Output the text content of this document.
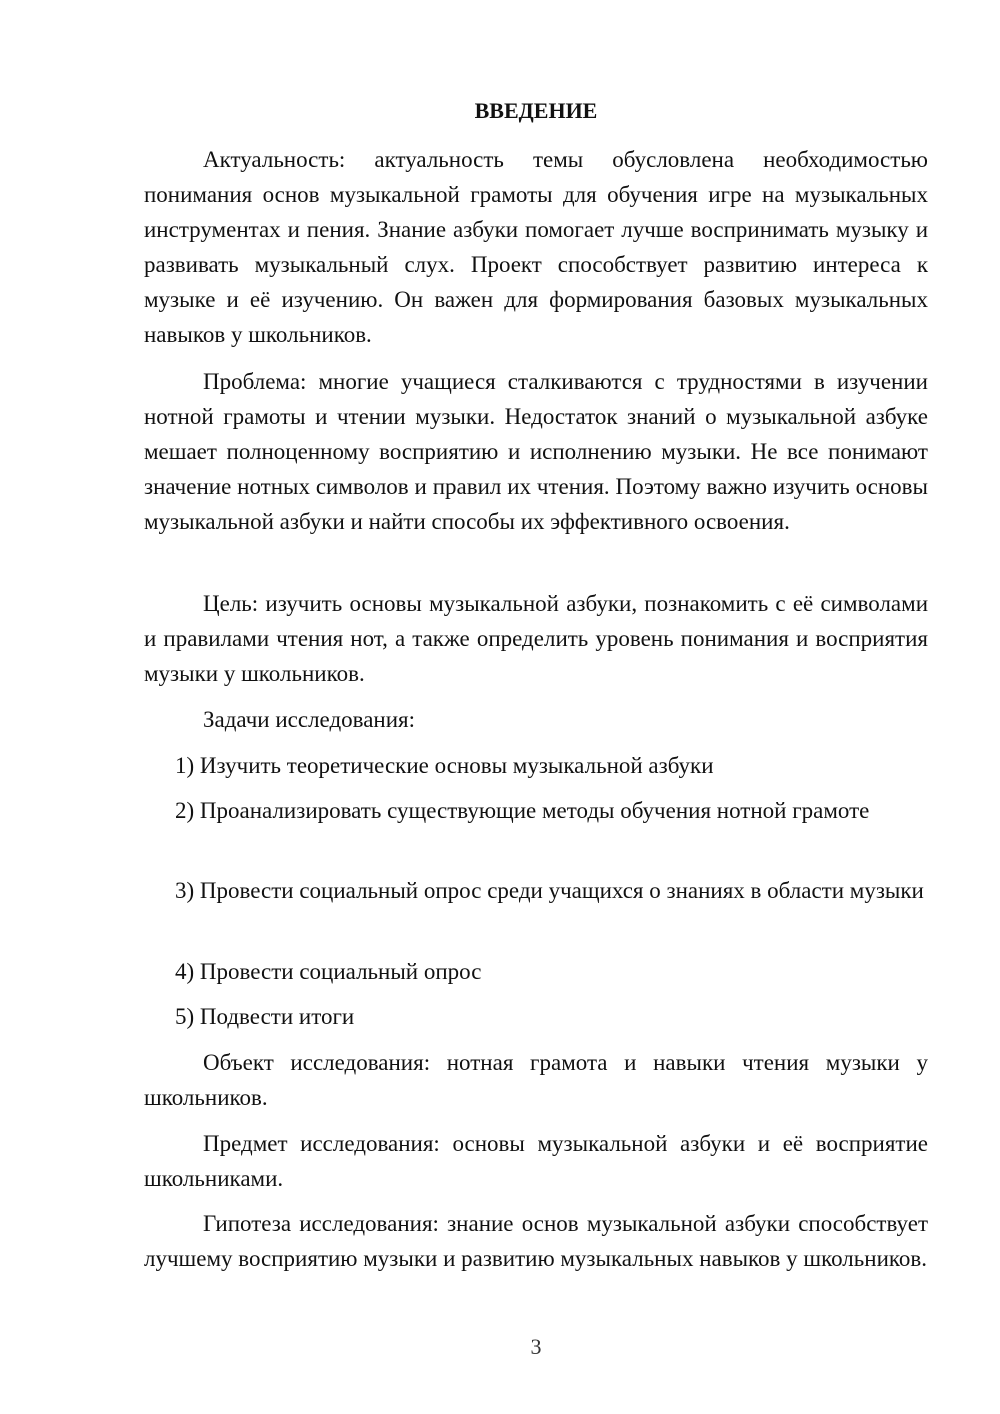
ВВЕДЕНИЕ

Актуальность: актуальность темы обусловлена необходимостью понимания основ музыкальной грамоты для обучения игре на музыкальных инструментах и пения. Знание азбуки помогает лучше воспринимать музыку и развивать музыкальный слух. Проект способствует развитию интереса к музыке и её изучению. Он важен для формирования базовых музыкальных навыков у школьников.

Проблема: многие учащиеся сталкиваются с трудностями в изучении нотной грамоты и чтении музыки. Недостаток знаний о музыкальной азбуке мешает полноценному восприятию и исполнению музыки. Не все понимают значение нотных символов и правил их чтения. Поэтому важно изучить основы музыкальной азбуки и найти способы их эффективного освоения.

Цель: изучить основы музыкальной азбуки, познакомить с её символами и правилами чтения нот, а также определить уровень понимания и восприятия музыки у школьников.

Задачи исследования:

1) Изучить теоретические основы музыкальной азбуки

2) Проанализировать существующие методы обучения нотной грамоте

3) Провести социальный опрос среди учащихся о знаниях в области музыки

4) Провести социальный опрос

5) Подвести итоги

Объект исследования: нотная грамота и навыки чтения музыки у школьников.

Предмет исследования: основы музыкальной азбуки и её восприятие школьниками.

Гипотеза исследования: знание основ музыкальной азбуки способствует лучшему восприятию музыки и развитию музыкальных навыков у школьников.

3
